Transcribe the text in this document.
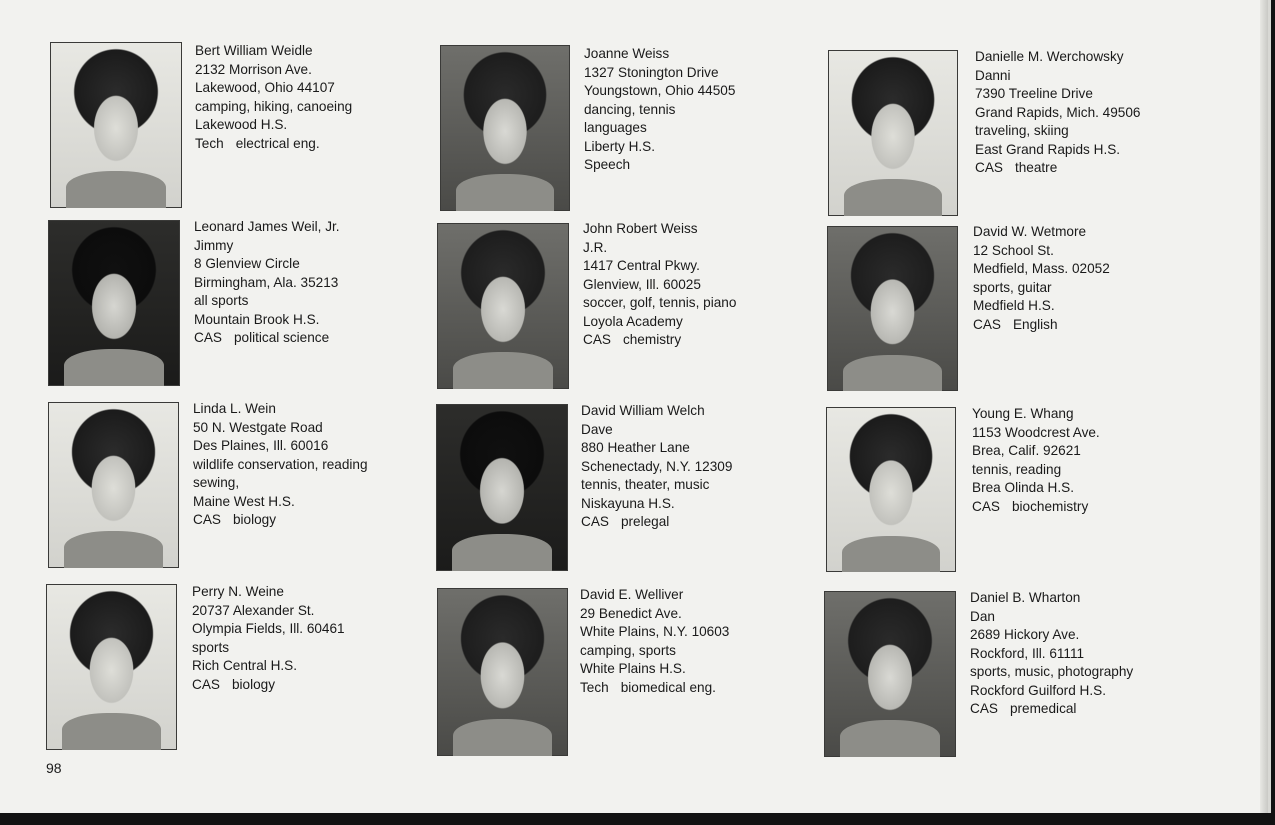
Bert William Weidle
2132 Morrison Ave.
Lakewood, Ohio 44107
camping, hiking, canoeing
Lakewood H.S.
Tech electrical eng.
Joanne Weiss
1327 Stonington Drive
Youngstown, Ohio 44505
dancing, tennis
languages
Liberty H.S.
Speech
Danielle M. Werchowsky
Danni
7390 Treeline Drive
Grand Rapids, Mich. 49506
traveling, skiing
East Grand Rapids H.S.
CAS theatre
Leonard James Weil, Jr.
Jimmy
8 Glenview Circle
Birmingham, Ala. 35213
all sports
Mountain Brook H.S.
CAS political science
John Robert Weiss
J.R.
1417 Central Pkwy.
Glenview, Ill. 60025
soccer, golf, tennis, piano
Loyola Academy
CAS chemistry
David W. Wetmore
12 School St.
Medfield, Mass. 02052
sports, guitar
Medfield H.S.
CAS English
Linda L. Wein
50 N. Westgate Road
Des Plaines, Ill. 60016
wildlife conservation, reading
sewing,
Maine West H.S.
CAS biology
David William Welch
Dave
880 Heather Lane
Schenectady, N.Y. 12309
tennis, theater, music
Niskayuna H.S.
CAS prelegal
Young E. Whang
1153 Woodcrest Ave.
Brea, Calif. 92621
tennis, reading
Brea Olinda H.S.
CAS biochemistry
Perry N. Weine
20737 Alexander St.
Olympia Fields, Ill. 60461
sports
Rich Central H.S.
CAS biology
David E. Welliver
29 Benedict Ave.
White Plains, N.Y. 10603
camping, sports
White Plains H.S.
Tech biomedical eng.
Daniel B. Wharton
Dan
2689 Hickory Ave.
Rockford, Ill. 61111
sports, music, photography
Rockford Guilford H.S.
CAS premedical
98
